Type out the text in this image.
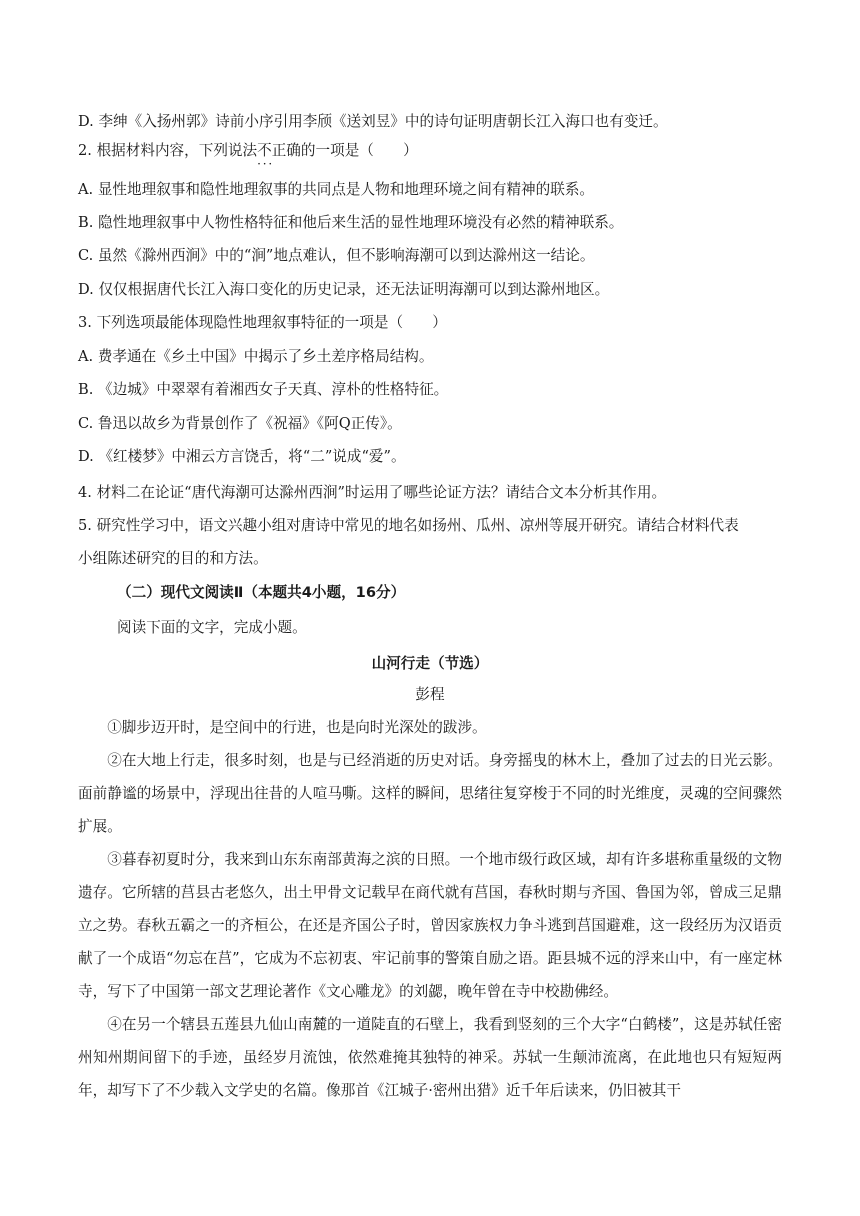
D. 李绅《入扬州郭》诗前小序引用李颀《送刘昱》中的诗句证明唐朝长江入海口也有变迁。
2. 根据材料内容，下列说法不正确 · · ·的一项是（　　）
A. 显性地理叙事和隐性地理叙事的共同点是人物和地理环境之间有精神的联系。
B. 隐性地理叙事中人物性格特征和他后来生活的显性地理环境没有必然的精神联系。
C. 虽然《滁州西涧》中的“涧”地点难认，但不影响海潮可以到达滁州这一结论。
D. 仅仅根据唐代长江入海口变化的历史记录，还无法证明海潮可以到达滁州地区。
3. 下列选项最能体现隐性地理叙事特征的一项是（　　）
A. 费孝通在《乡土中国》中揭示了乡土差序格局结构。
B. 《边城》中翠翠有着湘西女子天真、淳朴的性格特征。
C. 鲁迅以故乡为背景创作了《祝福》《阿Q正传》。
D. 《红楼梦》中湘云方言饶舌，将“二”说成“爱”。
4. 材料二在论证“唐代海潮可达滁州西涧”时运用了哪些论证方法？请结合文本分析其作用。
5. 研究性学习中，语文兴趣小组对唐诗中常见的地名如扬州、瓜州、凉州等展开研究。请结合材料代表
小组陈述研究的目的和方法。
（二）现代文阅读Ⅱ（本题共4小题，16分）
阅读下面的文字，完成小题。
山河行走（节选）
彭程

①脚步迈开时，是空间中的行进，也是向时光深处的跋涉。

②在大地上行走，很多时刻，也是与已经消逝的历史对话。身旁摇曳的林木上，叠加了过去的日光云影。面前静谧的场景中，浮现出往昔的人喧马嘶。这样的瞬间，思绪往复穿梭于不同的时光维度，灵魂的空间骤然扩展。

③暮春初夏时分，我来到山东东南部黄海之滨的日照。一个地市级行政区域，却有许多堪称重量级的文物遗存。它所辖的莒县古老悠久，出土甲骨文记载早在商代就有莒国，春秋时期与齐国、鲁国为邻，曾成三足鼎立之势。春秋五霸之一的齐桓公，在还是齐国公子时，曾因家族权力争斗逃到莒国避难，这一段经历为汉语贡献了一个成语“勿忘在莒”，它成为不忘初衷、牢记前事的警策自励之语。距县城不远的浮来山中，有一座定林寺，写下了中国第一部文艺理论著作《文心雕龙》的刘勰，晚年曾在寺中校勘佛经。

④在另一个辖县五莲县九仙山南麓的一道陡直的石壁上，我看到竖刻的三个大字“白鹤楼”，这是苏轼任密州知州期间留下的手迹，虽经岁月流蚀，依然难掩其独特的神采。苏轼一生颠沛流离，在此地也只有短短两年，却写下了不少载入文学史的名篇。像那首《江城子·密州出猎》近千年后读来，仍旧被其干
